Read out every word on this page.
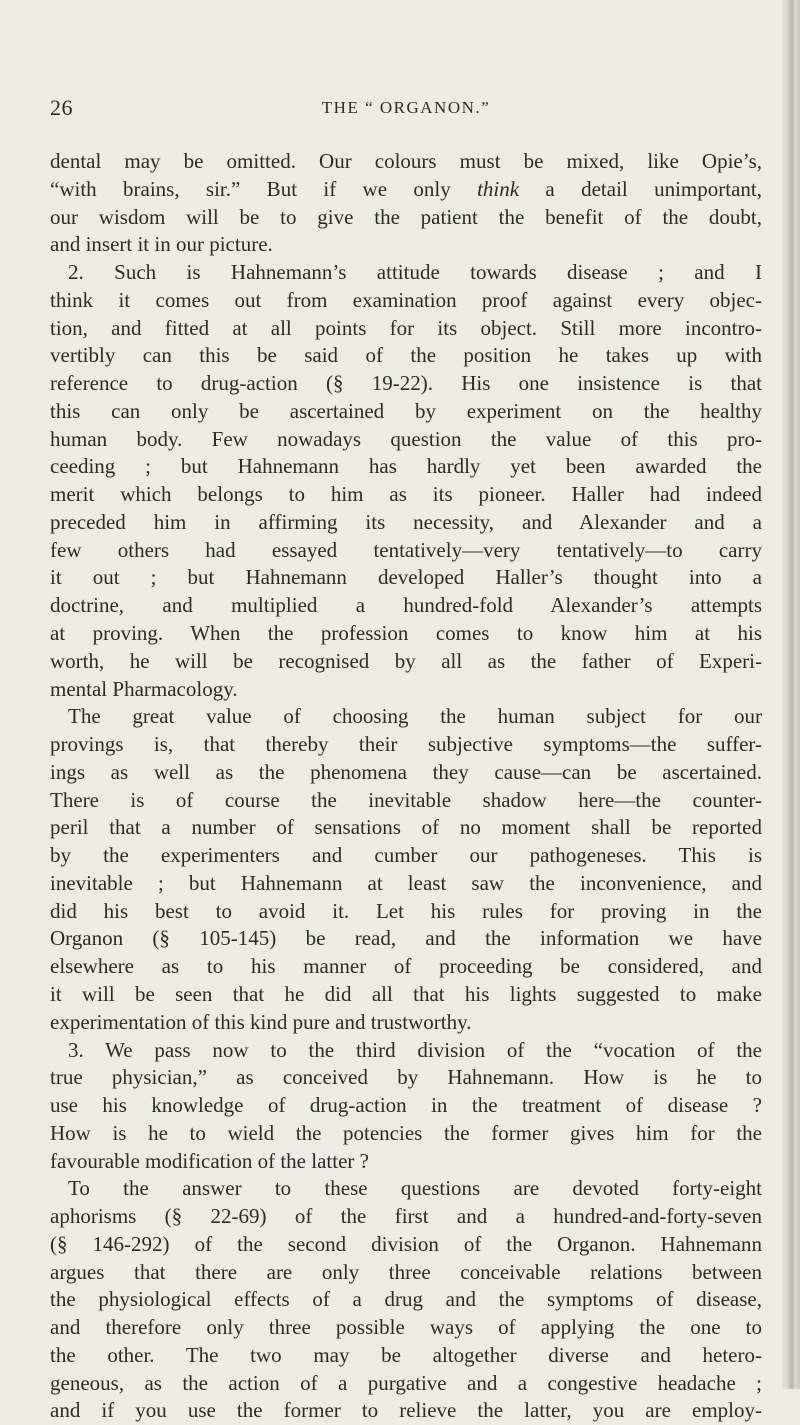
26	THE “ ORGANON.”
dental may be omitted. Our colours must be mixed, like Opie’s,
“with brains, sir.” But if we only think a detail unimportant,
our wisdom will be to give the patient the benefit of the doubt,
and insert it in our picture.
2. Such is Hahnemann’s attitude towards disease ; and I
think it comes out from examination proof against every objec-
tion, and fitted at all points for its object. Still more incontro-
vertibly can this be said of the position he takes up with
reference to drug-action (§ 19-22). His one insistence is that
this can only be ascertained by experiment on the healthy
human body. Few nowadays question the value of this pro-
ceeding ; but Hahnemann has hardly yet been awarded the
merit which belongs to him as its pioneer. Haller had indeed
preceded him in affirming its necessity, and Alexander and a
few others had essayed tentatively—very tentatively—to carry
it out ; but Hahnemann developed Haller’s thought into a
doctrine, and multiplied a hundred-fold Alexander’s attempts
at proving. When the profession comes to know him at his
worth, he will be recognised by all as the father of Experi-
mental Pharmacology.
The great value of choosing the human subject for our
provings is, that thereby their subjective symptoms—the suffer-
ings as well as the phenomena they cause—can be ascertained.
There is of course the inevitable shadow here—the counter-
peril that a number of sensations of no moment shall be reported
by the experimenters and cumber our pathogeneses. This is
inevitable ; but Hahnemann at least saw the inconvenience, and
did his best to avoid it. Let his rules for proving in the
Organon (§ 105-145) be read, and the information we have
elsewhere as to his manner of proceeding be considered, and
it will be seen that he did all that his lights suggested to make
experimentation of this kind pure and trustworthy.
3. We pass now to the third division of the “vocation of the
true physician,” as conceived by Hahnemann. How is he to
use his knowledge of drug-action in the treatment of disease ?
How is he to wield the potencies the former gives him for the
favourable modification of the latter ?
To the answer to these questions are devoted forty-eight
aphorisms (§ 22-69) of the first and a hundred-and-forty-seven
(§ 146-292) of the second division of the Organon. Hahnemann
argues that there are only three conceivable relations between
the physiological effects of a drug and the symptoms of disease,
and therefore only three possible ways of applying the one to
the other. The two may be altogether diverse and hetero-
geneous, as the action of a purgative and a congestive headache ;
and if you use the former to relieve the latter, you are employ-
